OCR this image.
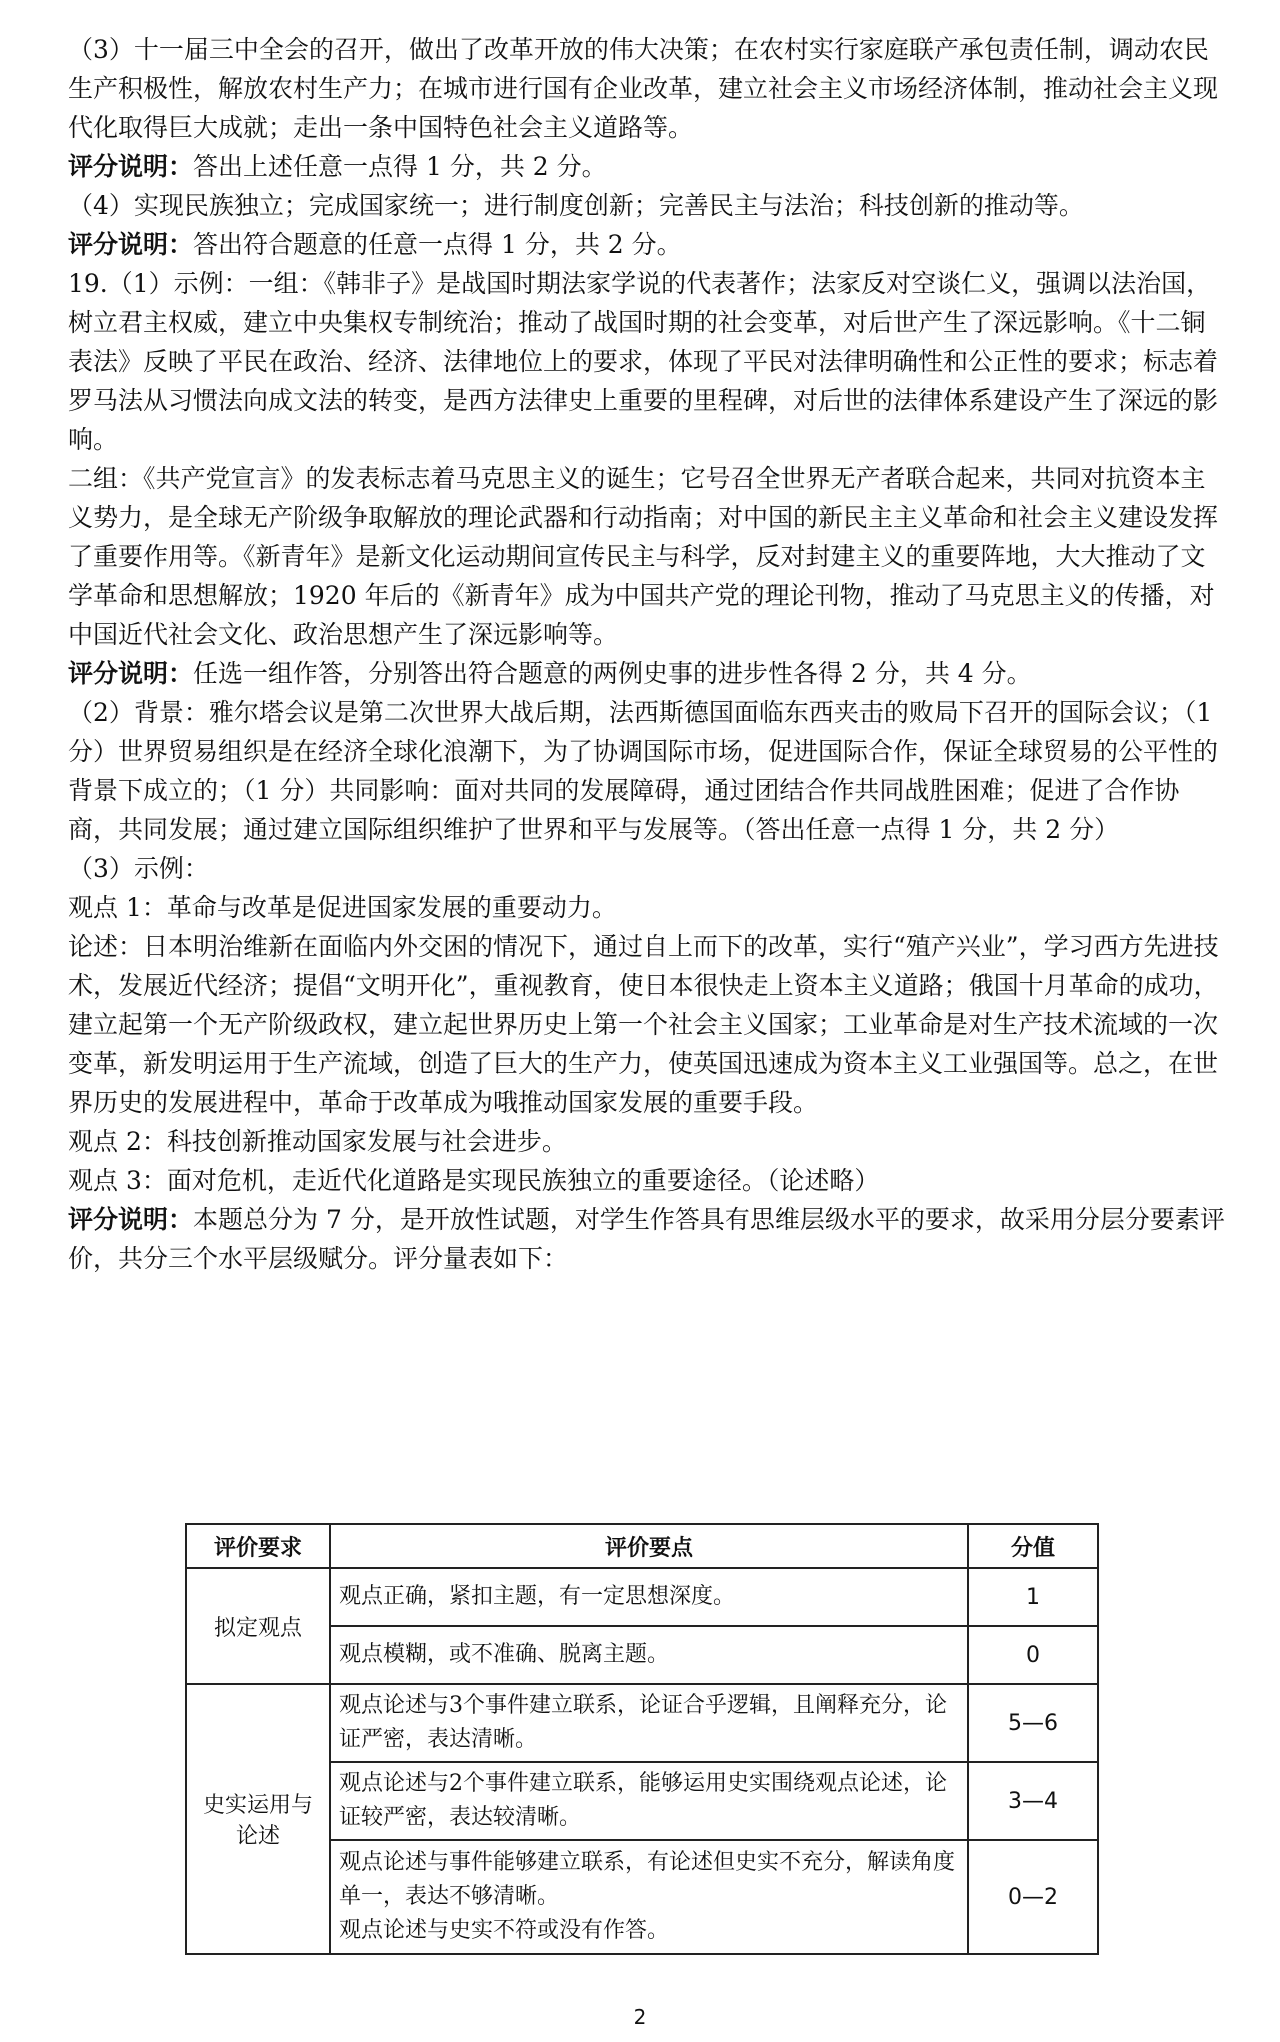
（3）十一届三中全会的召开，做出了改革开放的伟大决策；在农村实行家庭联产承包责任制，调动农民生产积极性，解放农村生产力；在城市进行国有企业改革，建立社会主义市场经济体制，推动社会主义现代化取得巨大成就；走出一条中国特色社会主义道路等。

评分说明：答出上述任意一点得 1 分，共 2 分。

（4）实现民族独立；完成国家统一；进行制度创新；完善民主与法治；科技创新的推动等。

评分说明：答出符合题意的任意一点得 1 分，共 2 分。

19.（1）示例：一组：《韩非子》是战国时期法家学说的代表著作；法家反对空谈仁义，强调以法治国，树立君主权威，建立中央集权专制统治；推动了战国时期的社会变革，对后世产生了深远影响。《十二铜表法》反映了平民在政治、经济、法律地位上的要求，体现了平民对法律明确性和公正性的要求；标志着罗马法从习惯法向成文法的转变，是西方法律史上重要的里程碑，对后世的法律体系建设产生了深远的影响。

二组：《共产党宣言》的发表标志着马克思主义的诞生；它号召全世界无产者联合起来，共同对抗资本主义势力，是全球无产阶级争取解放的理论武器和行动指南；对中国的新民主主义革命和社会主义建设发挥了重要作用等。《新青年》是新文化运动期间宣传民主与科学，反对封建主义的重要阵地，大大推动了文学革命和思想解放；1920 年后的《新青年》成为中国共产党的理论刊物，推动了马克思主义的传播，对中国近代社会文化、政治思想产生了深远影响等。

评分说明：任选一组作答，分别答出符合题意的两例史事的进步性各得 2 分，共 4 分。

（2）背景：雅尔塔会议是第二次世界大战后期，法西斯德国面临东西夹击的败局下召开的国际会议；（1 分）世界贸易组织是在经济全球化浪潮下，为了协调国际市场，促进国际合作，保证全球贸易的公平性的背景下成立的；（1 分）共同影响：面对共同的发展障碍，通过团结合作共同战胜困难；促进了合作协商，共同发展；通过建立国际组织维护了世界和平与发展等。（答出任意一点得 1 分，共 2 分）

（3）示例：

观点 1：革命与改革是促进国家发展的重要动力。

论述：日本明治维新在面临内外交困的情况下，通过自上而下的改革，实行“殖产兴业”，学习西方先进技术，发展近代经济；提倡“文明开化”，重视教育，使日本很快走上资本主义道路；俄国十月革命的成功，建立起第一个无产阶级政权，建立起世界历史上第一个社会主义国家；工业革命是对生产技术流域的一次变革，新发明运用于生产流域，创造了巨大的生产力，使英国迅速成为资本主义工业强国等。总之，在世界历史的发展进程中，革命于改革成为哦推动国家发展的重要手段。

观点 2：科技创新推动国家发展与社会进步。

观点 3：面对危机，走近代化道路是实现民族独立的重要途径。（论述略）

评分说明：本题总分为 7 分，是开放性试题，对学生作答具有思维层级水平的要求，故采用分层分要素评价，共分三个水平层级赋分。评分量表如下：

评价要求	评价要点	分值
拟定观点	观点正确，紧扣主题，有一定思想深度。	1
	观点模糊，或不准确、脱离主题。	0
史实运用与论述	观点论述与3个事件建立联系，论证合乎逻辑，且阐释充分，论证严密，表达清晰。	5—6
	观点论述与2个事件建立联系，能够运用史实围绕观点论述，论证较严密，表达较清晰。	3—4

	观点论述与事件能够建立联系，有论述但史实不充分，解读角度单一，表达不够清晰。
观点论述与史实不符或没有作答。	0—2
2
